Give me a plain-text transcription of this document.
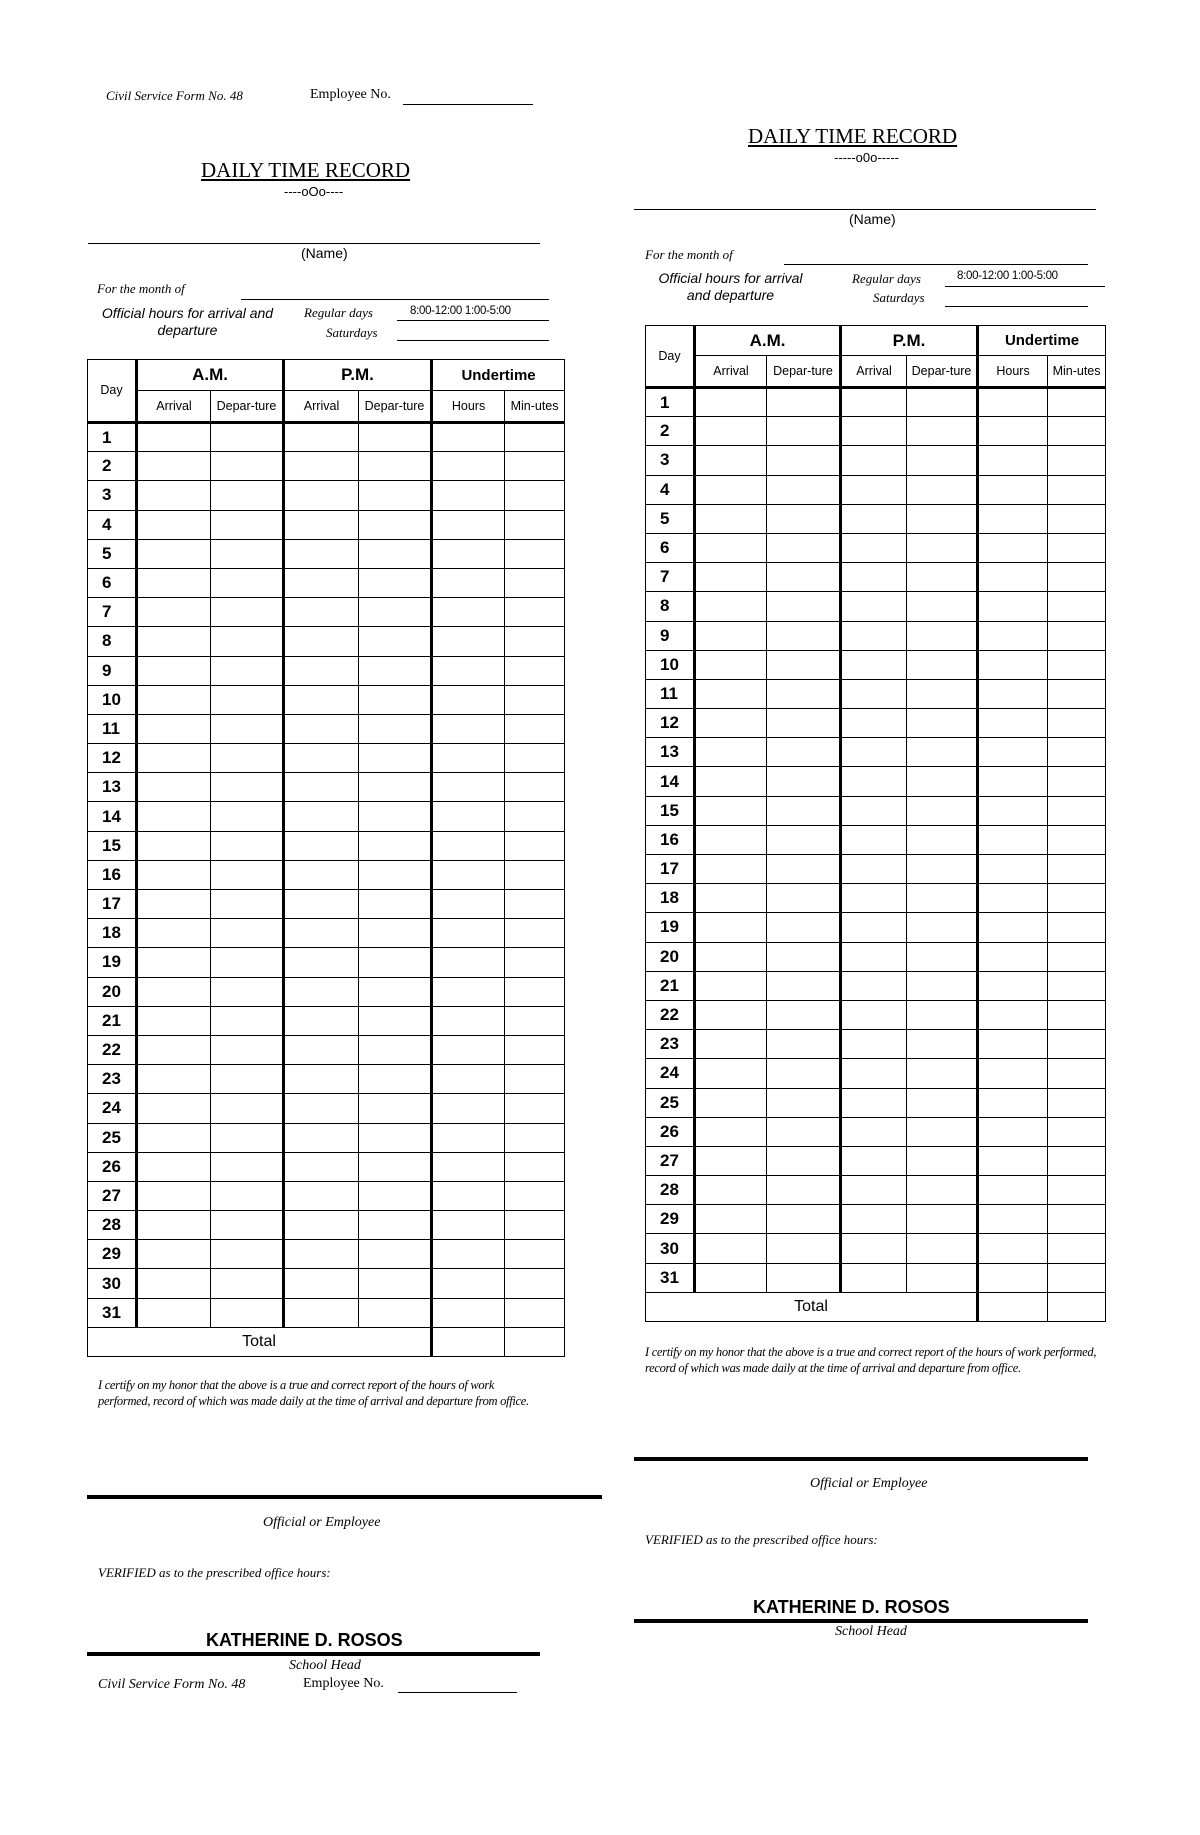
Civil Service Form No. 48	Employee No.
DAILY TIME RECORD
----oOo----
(Name)
For the month of
Official hours for arrival and departure
Regular days	8:00-12:00 1:00-5:00
Saturdays
Day	A.M.		P.M.		Undertime	
	Arrival	Depar-ture	Arrival	Depar-ture	Hours	Min-utes
1						
2						
3						
4						
5						
6						
7						
8						
9						
10						
11						
12						
13						
14						
15						
16						
17						
18						
19						
20						
21						
22						
23						
24						
25						
26						
27						
28						
29						
30						
31						
Total						
I certify on my honor that the above is a true and correct report of the hours of work performed, record of which was made daily at the time of arrival and departure from office.
Official or Employee
VERIFIED as to the prescribed office hours:
KATHERINE D. ROSOS
School Head
Civil Service Form No. 48	Employee No.
DAILY TIME RECORD
-----o0o-----
(Name)
For the month of
Official hours for arrival and departure
Regular days	8:00-12:00 1:00-5:00
Saturdays
Day	A.M.		P.M.		Undertime	
	Arrival	Depar-ture	Arrival	Depar-ture	Hours	Min-utes
1						
2						
3						
4						
5						
6						
7						
8						
9						
10						
11						
12						
13						
14						
15						
16						
17						
18						
19						
20						
21						
22						
23						
24						
25						
26						
27						
28						
29						
30						
31						
Total						
I certify on my honor that the above is a true and correct report of the hours of work performed, record of which was made daily at the time of arrival and departure from office.
Official or Employee
VERIFIED as to the prescribed office hours:
KATHERINE D. ROSOS
School Head
